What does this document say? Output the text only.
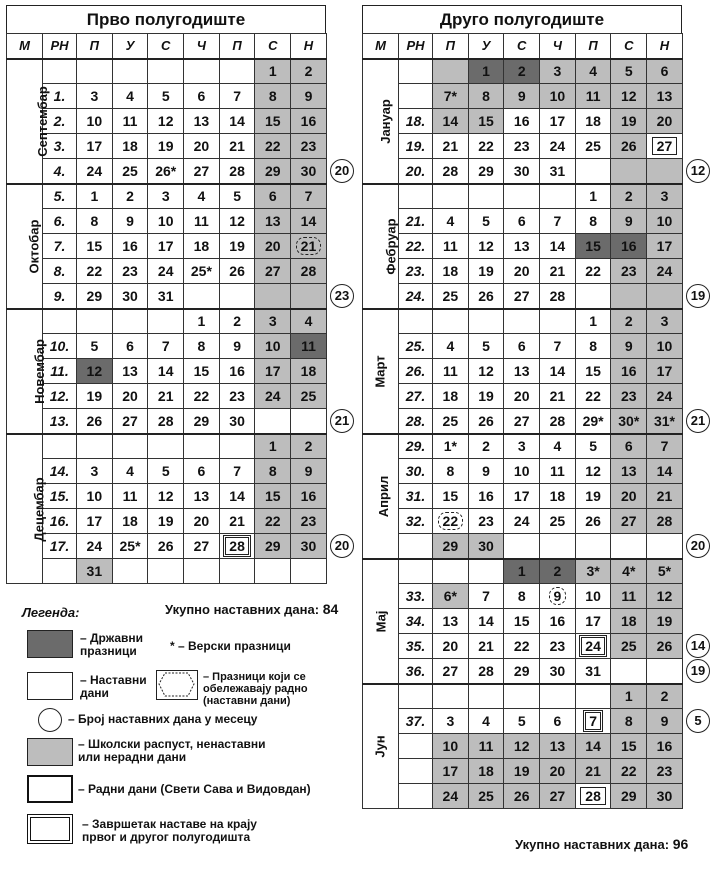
Прво полугодиште
М	РН	П	У	С	Ч	П	С	Н
Септембар							1	2
	1.	3	4	5	6	7	8	9
	2.	10	11	12	13	14	15	16
	3.	17	18	19	20	21	22	23
	4.	24	25	26*	27	28	29	30
Октобар	5.	1	2	3	4	5	6	7
	6.	8	9	10	11	12	13	14
	7.	15	16	17	18	19	20	21
	8.	22	23	24	25*	26	27	28
	9.	29	30	31				
Новембар					1	2	3	4
	10.	5	6	7	8	9	10	11
	11.	12	13	14	15	16	17	18
	12.	19	20	21	22	23	24	25
	13.	26	27	28	29	30		
Децембар							1	2
	14.	3	4	5	6	7	8	9
	15.	10	11	12	13	14	15	16
	16.	17	18	19	20	21	22	23
	17.	24	25*	26	27	28	29	30
		31						
Друго полугодиште
М	РН	П	У	С	Ч	П	С	Н
Јануар			1	2	3	4	5	6
		7*	8	9	10	11	12	13
	18.	14	15	16	17	18	19	20
	19.	21	22	23	24	25	26	27
	20.	28	29	30	31			
Фебруар						1	2	3
	21.	4	5	6	7	8	9	10
	22.	11	12	13	14	15	16	17
	23.	18	19	20	21	22	23	24
	24.	25	26	27	28			
Март						1	2	3
	25.	4	5	6	7	8	9	10
	26.	11	12	13	14	15	16	17
	27.	18	19	20	21	22	23	24
	28.	25	26	27	28	29*	30*	31*
Април	29.	1*	2	3	4	5	6	7
	30.	8	9	10	11	12	13	14
	31.	15	16	17	18	19	20	21
	32.	22	23	24	25	26	27	28
		29	30					
Мај				1	2	3*	4*	5*
	33.	6*	7	8	9	10	11	12
	34.	13	14	15	16	17	18	19
	35.	20	21	22	23	24	25	26
	36.	27	28	29	30	31		
Јун							1	2
	37.	3	4	5	6	7	8	9
		10	11	12	13	14	15	16
		17	18	19	20	21	22	23
		24	25	26	27	28	29	30
Укупно наставних дана: 84
Укупно наставних дана: 96
Легенда:
– Државни празници	* – Верски празници
– Наставни дани
– Празници који се обележавају радно (наставни дани)
– Број наставних дана у месецу
– Школски распуст, ненаставни или нерадни дани
– Радни дани (Свети Сава и Видовдан)
– Завршетак наставе на крају првог и другог полугодишта
20
23
21
20
12
19
21
20
14
19
5
